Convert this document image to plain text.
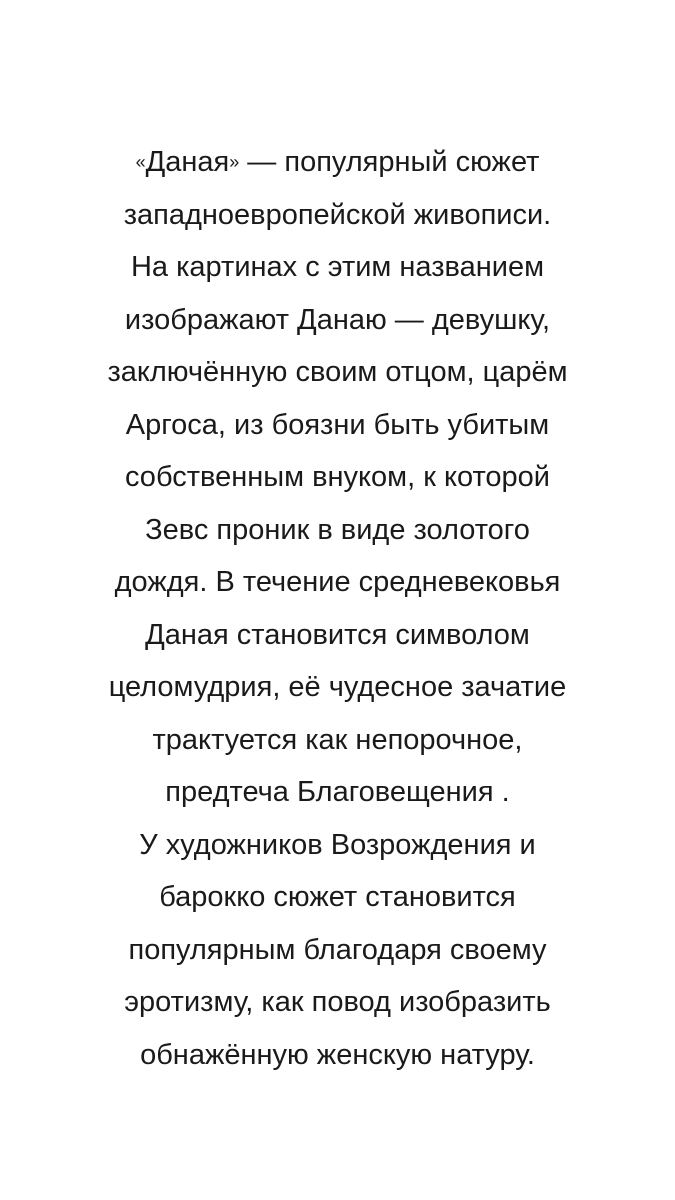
«Даная» — популярный сюжет
западноевропейской живописи.
На картинах с этим названием
изображают Данаю — девушку,
заключённую своим отцом, царём
Аргоса, из боязни быть убитым
собственным внуком, к которой
Зевс проник в виде золотого
дождя. В течение средневековья
Даная становится символом
целомудрия, её чудесное зачатие
трактуется как непорочное,
предтеча Благовещения .
У художников Возрождения и
барокко сюжет становится
популярным благодаря своему
эротизму, как повод изобразить
обнажённую женскую натуру.
